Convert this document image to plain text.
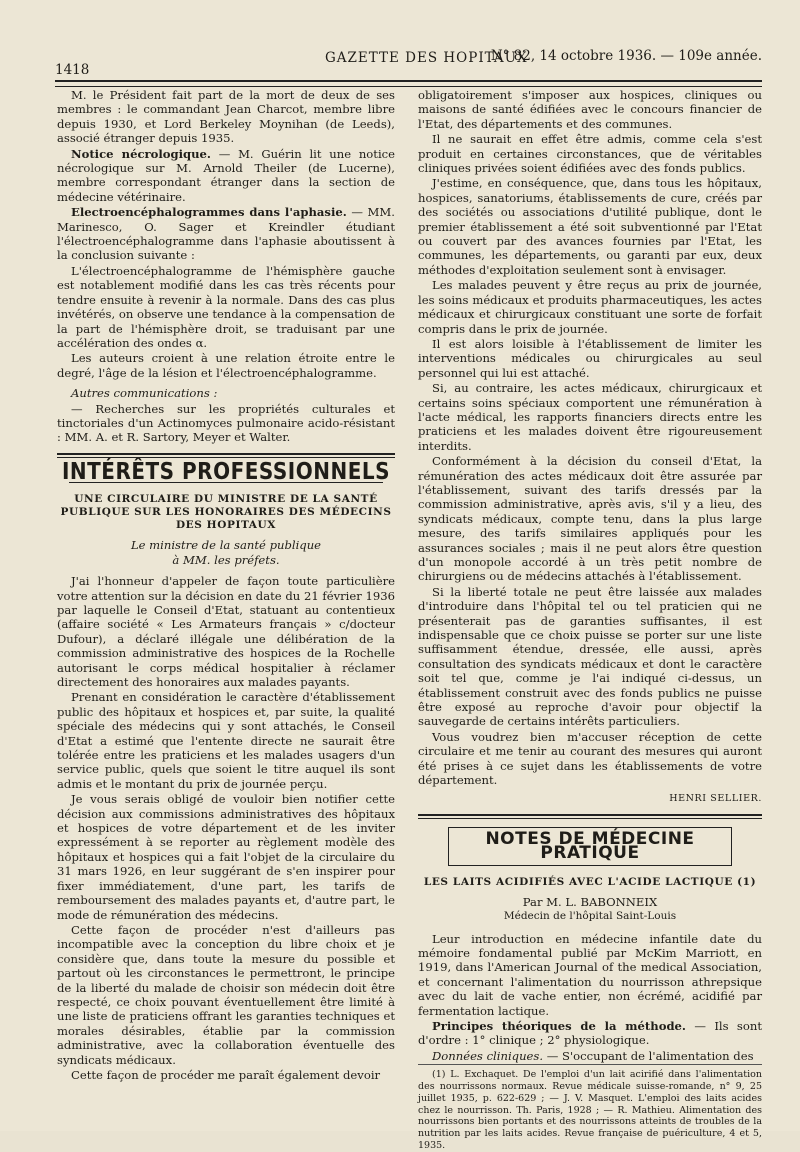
1418
GAZETTE DES HOPITAUX
N° 82, 14 octobre 1936. — 109e année.

M. le Président fait part de la mort de deux de ses membres : le commandant Jean Charcot, membre libre depuis 1930, et Lord Berkeley Moynihan (de Leeds), associé étranger depuis 1935.

Notice nécrologique. — M. Guérin lit une notice nécrologique sur M. Arnold Theiler (de Lucerne), membre correspondant étranger dans la section de médecine vétérinaire.

Electroencéphalogrammes dans l'aphasie. — MM. Marinesco, O. Sager et Kreindler étudiant l'électroencéphalogramme dans l'aphasie aboutissent à la conclusion suivante :

L'électroencéphalogramme de l'hémisphère gauche est notablement modifié dans les cas très récents pour tendre ensuite à revenir à la normale. Dans des cas plus invétérés, on observe une tendance à la compensation de la part de l'hémisphère droit, se traduisant par une accélération des ondes α.

Les auteurs croient à une relation étroite entre le degré, l'âge de la lésion et l'électroencéphalogramme.

Autres communications :

— Recherches sur les propriétés culturales et tinctoriales d'un Actinomyces pulmonaire acido-résistant : MM. A. et R. Sartory, Meyer et Walter.

INTÉRÊTS PROFESSIONNELS
UNE CIRCULAIRE DU MINISTRE DE LA SANTÉ PUBLIQUE SUR LES HONORAIRES DES MÉDECINS DES HOPITAUX
Le ministre de la santé publique
à MM. les préfets.

J'ai l'honneur d'appeler de façon toute particulière votre attention sur la décision en date du 21 février 1936 par laquelle le Conseil d'Etat, statuant au contentieux (affaire société « Les Armateurs français » c/docteur Dufour), a déclaré illégale une délibération de la commission administrative des hospices de la Rochelle autorisant le corps médical hospitalier à réclamer directement des honoraires aux malades payants.

Prenant en considération le caractère d'établissement public des hôpitaux et hospices et, par suite, la qualité spéciale des médecins qui y sont attachés, le Conseil d'Etat a estimé que l'entente directe ne saurait être tolérée entre les praticiens et les malades usagers d'un service public, quels que soient le titre auquel ils sont admis et le montant du prix de journée perçu.

Je vous serais obligé de vouloir bien notifier cette décision aux commissions administratives des hôpitaux et hospices de votre département et de les inviter expressément à se reporter au règlement modèle des hôpitaux et hospices qui a fait l'objet de la circulaire du 31 mars 1926, en leur suggérant de s'en inspirer pour fixer immédiatement, d'une part, les tarifs de remboursement des malades payants et, d'autre part, le mode de rémunération des médecins.

Cette façon de procéder n'est d'ailleurs pas incompatible avec la conception du libre choix et je considère que, dans toute la mesure du possible et partout où les circonstances le permettront, le principe de la liberté du malade de choisir son médecin doit être respecté, ce choix pouvant éventuellement être limité à une liste de praticiens offrant les garanties techniques et morales désirables, établie par la commission administrative, avec la collaboration éventuelle des syndicats médicaux.

Cette façon de procéder me paraît également devoir

obligatoirement s'imposer aux hospices, cliniques ou maisons de santé édifiées avec le concours financier de l'Etat, des départements et des communes.

Il ne saurait en effet être admis, comme cela s'est produit en certaines circonstances, que de véritables cliniques privées soient édifiées avec des fonds publics.

J'estime, en conséquence, que, dans tous les hôpitaux, hospices, sanatoriums, établissements de cure, créés par des sociétés ou associations d'utilité publique, dont le premier établissement a été soit subventionné par l'Etat ou couvert par des avances fournies par l'Etat, les communes, les départements, ou garanti par eux, deux méthodes d'exploitation seulement sont à envisager.

Les malades peuvent y être reçus au prix de journée, les soins médicaux et produits pharmaceutiques, les actes médicaux et chirurgicaux constituant une sorte de forfait compris dans le prix de journée.

Il est alors loisible à l'établissement de limiter les interventions médicales ou chirurgicales au seul personnel qui lui est attaché.

Si, au contraire, les actes médicaux, chirurgicaux et certains soins spéciaux comportent une rémunération à l'acte médical, les rapports financiers directs entre les praticiens et les malades doivent être rigoureusement interdits.

Conformément à la décision du conseil d'Etat, la rémunération des actes médicaux doit être assurée par l'établissement, suivant des tarifs dressés par la commission administrative, après avis, s'il y a lieu, des syndicats médicaux, compte tenu, dans la plus large mesure, des tarifs similaires appliqués pour les assurances sociales ; mais il ne peut alors être question d'un monopole accordé à un très petit nombre de chirurgiens ou de médecins attachés à l'établissement.

Si la liberté totale ne peut être laissée aux malades d'introduire dans l'hôpital tel ou tel praticien qui ne présenterait pas de garanties suffisantes, il est indispensable que ce choix puisse se porter sur une liste suffisamment étendue, dressée, elle aussi, après consultation des syndicats médicaux et dont le caractère soit tel que, comme je l'ai indiqué ci-dessus, un établissement construit avec des fonds publics ne puisse être exposé au reproche d'avoir pour objectif la sauvegarde de certains intérêts particuliers.

Vous voudrez bien m'accuser réception de cette circulaire et me tenir au courant des mesures qui auront été prises à ce sujet dans les établissements de votre département.

HENRI SELLIER.
NOTES DE MÉDECINE PRATIQUE
LES LAITS ACIDIFIÉS AVEC L'ACIDE LACTIQUE (1)
Par M. L. BABONNEIX
Médecin de l'hôpital Saint-Louis

Leur introduction en médecine infantile date du mémoire fondamental publié par McKim Marriott, en 1919, dans l'American Journal of the medical Association, et concernant l'alimentation du nourrisson athrepsique avec du lait de vache entier, non écrémé, acidifié par fermentation lactique.

Principes théoriques de la méthode. — Ils sont d'ordre : 1° clinique ; 2° physiologique.

Données cliniques. — S'occupant de l'alimentation des

(1) L. Exchaquet. De l'emploi d'un lait acirifié dans l'alimentation des nourrissons normaux. Revue médicale suisse-romande, n° 9, 25 juillet 1935, p. 622-629 ; — J. V. Masquet. L'emploi des laits acides chez le nourrisson. Th. Paris, 1928 ; — R. Mathieu. Alimentation des nourrissons bien portants et des nourrissons atteints de troubles de la nutrition par les laits acides. Revue française de puériculture, 4 et 5, 1935.
